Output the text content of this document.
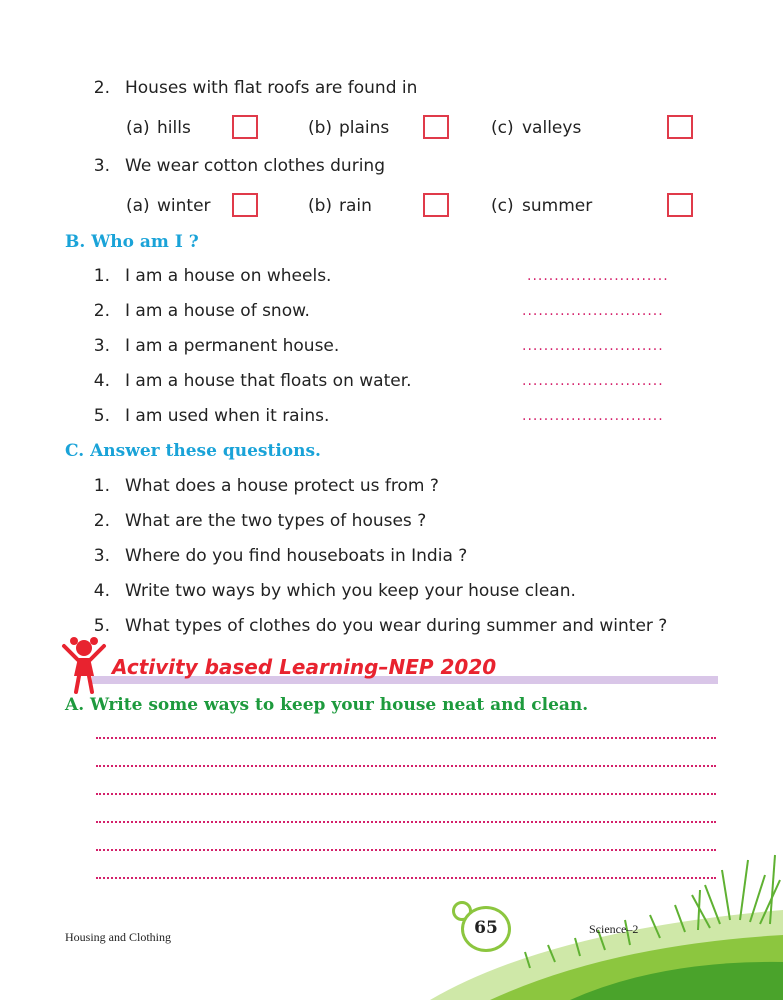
2. Houses with flat roofs are found in
(a) hills	(b) plains	(c) valleys
3. We wear cotton clothes during
(a) winter	(b) rain	(c) summer
B. Who am I ?
1. I am a house on wheels.	..........................
2. I am a house of snow.	..........................
3. I am a permanent house.	..........................
4. I am a house that floats on water.	..........................
5. I am used when it rains.	..........................
C. Answer these questions.
1. What does a house protect us from ?
2. What are the two types of houses ?
3. Where do you find houseboats in India ?
4. Write two ways by which you keep your house clean.
5. What types of clothes do you wear during summer and winter ?
Activity based Learning–NEP 2020
A. Write some ways to keep your house neat and clean.
65
Housing and Clothing
Science–2
